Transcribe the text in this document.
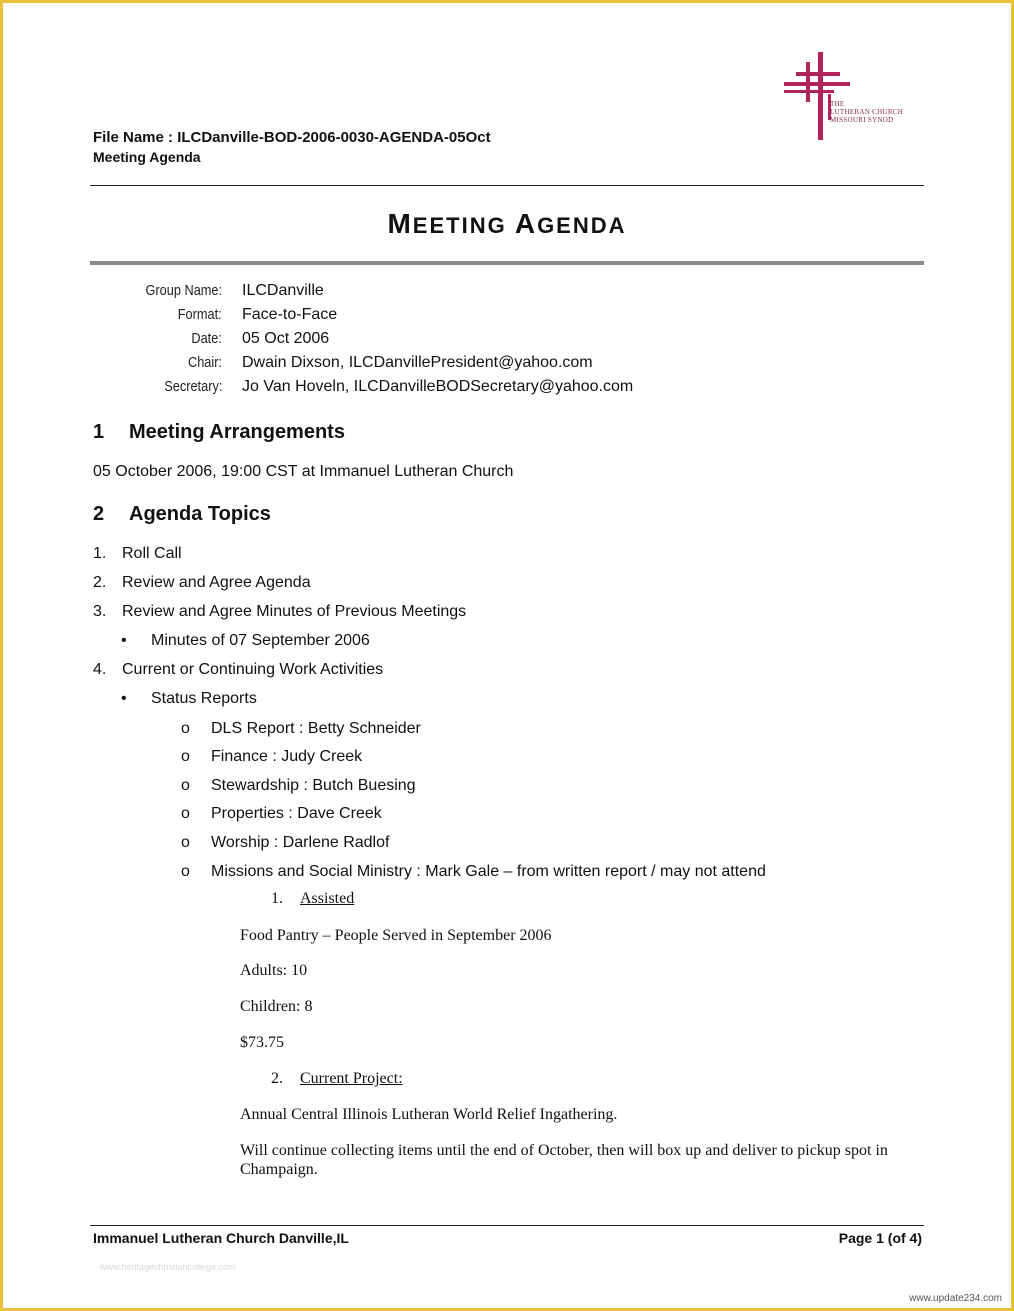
File Name : ILCDanville-BOD-2006-0030-AGENDA-05Oct
Meeting Agenda
THE
LUTHERAN CHURCH
MISSOURI SYNOD
MEETING AGENDA
Group Name: ILCDanville
Format: Face-to-Face
Date: 05 Oct 2006
Chair: Dwain Dixson, ILCDanvillePresident@yahoo.com
Secretary: Jo Van Hoveln, ILCDanvilleBODSecretary@yahoo.com
1 Meeting Arrangements
05 October 2006, 19:00 CST at Immanuel Lutheran Church
2 Agenda Topics
1. Roll Call
2. Review and Agree Agenda
3. Review and Agree Minutes of Previous Meetings
• Minutes of 07 September 2006
4. Current or Continuing Work Activities
• Status Reports
o DLS Report : Betty Schneider
o Finance : Judy Creek
o Stewardship : Butch Buesing
o Properties : Dave Creek
o Worship : Darlene Radlof
o Missions and Social Ministry : Mark Gale – from written report / may not attend
1. Assisted
Food Pantry – People Served in September 2006
Adults: 10
Children: 8
$73.75
2. Current Project:
Annual Central Illinois Lutheran World Relief Ingathering.
Will continue collecting items until the end of October, then will box up and deliver to pickup spot in
Champaign.
Immanuel Lutheran Church Danville,IL	Page 1 (of 4)
www.heritagechristiancollege.com
www.update234.com
